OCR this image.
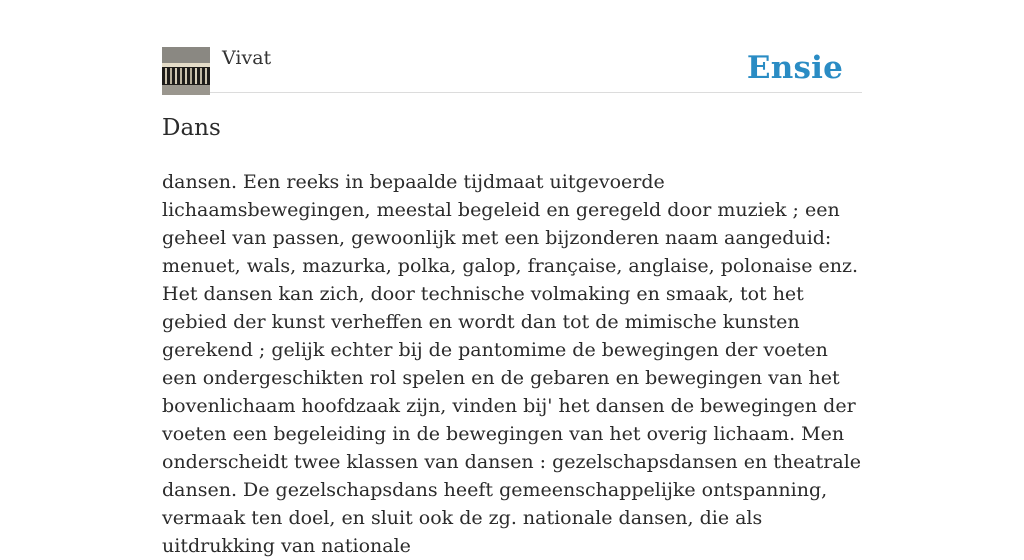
Vivat	Ensie
Dans

dansen. Een reeks in bepaalde tijdmaat uitgevoerde lichaamsbewegingen, meestal begeleid en geregeld door muziek ; een geheel van passen, gewoonlijk met een bijzonderen naam aangeduid: menuet, wals, mazurka, polka, galop, française, anglaise, polonaise enz. Het dansen kan zich, door technische volmaking en smaak, tot het gebied der kunst verheffen en wordt dan tot de mimische kunsten gerekend ; gelijk echter bij de pantomime de bewegingen der voeten een ondergeschikten rol spelen en de gebaren en bewegingen van het bovenlichaam hoofdzaak zijn, vinden bij' het dansen de bewegingen der voeten een begeleiding in de bewegingen van het overig lichaam. Men onderscheidt twee klassen van dansen : gezelschapsdansen en theatrale dansen. De gezelschapsdans heeft gemeenschappelijke ontspanning, vermaak ten doel, en sluit ook de zg. nationale dansen, die als uitdrukking van nationale
